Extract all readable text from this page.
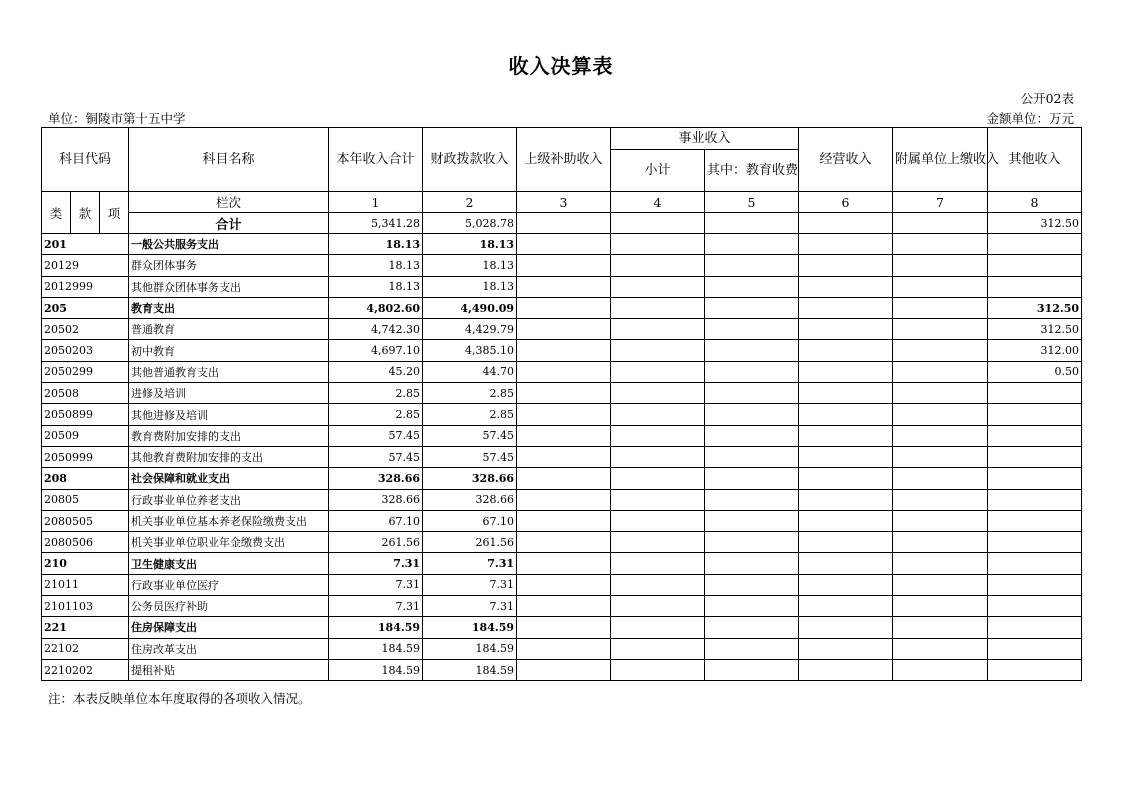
收入决算表
公开02表
单位：铜陵市第十五中学	金额单位：万元
科目代码			科目名称	本年收入合计	财政拨款收入	上级补助收入	事业收入		经营收入	附属单位上缴收入	其他收入
							小计	其中：教育收费			
类	款	项	栏次	1	2	3	4	5	6	7	8
			合计	5,341.28	5,028.78						312.50
201			一般公共服务支出	18.13	18.13						
20129			群众团体事务	18.13	18.13						
2012999			其他群众团体事务支出	18.13	18.13						
205			教育支出	4,802.60	4,490.09						312.50
20502			普通教育	4,742.30	4,429.79						312.50
2050203			初中教育	4,697.10	4,385.10						312.00
2050299			其他普通教育支出	45.20	44.70						0.50
20508			进修及培训	2.85	2.85						
2050899			其他进修及培训	2.85	2.85						
20509			教育费附加安排的支出	57.45	57.45						
2050999			其他教育费附加安排的支出	57.45	57.45						
208			社会保障和就业支出	328.66	328.66						
20805			行政事业单位养老支出	328.66	328.66						
2080505			机关事业单位基本养老保险缴费支出	67.10	67.10						
2080506			机关事业单位职业年金缴费支出	261.56	261.56						
210			卫生健康支出	7.31	7.31						
21011			行政事业单位医疗	7.31	7.31						
2101103			公务员医疗补助	7.31	7.31						
221			住房保障支出	184.59	184.59						
22102			住房改革支出	184.59	184.59						
2210202			提租补贴	184.59	184.59						
注：本表反映单位本年度取得的各项收入情况。
